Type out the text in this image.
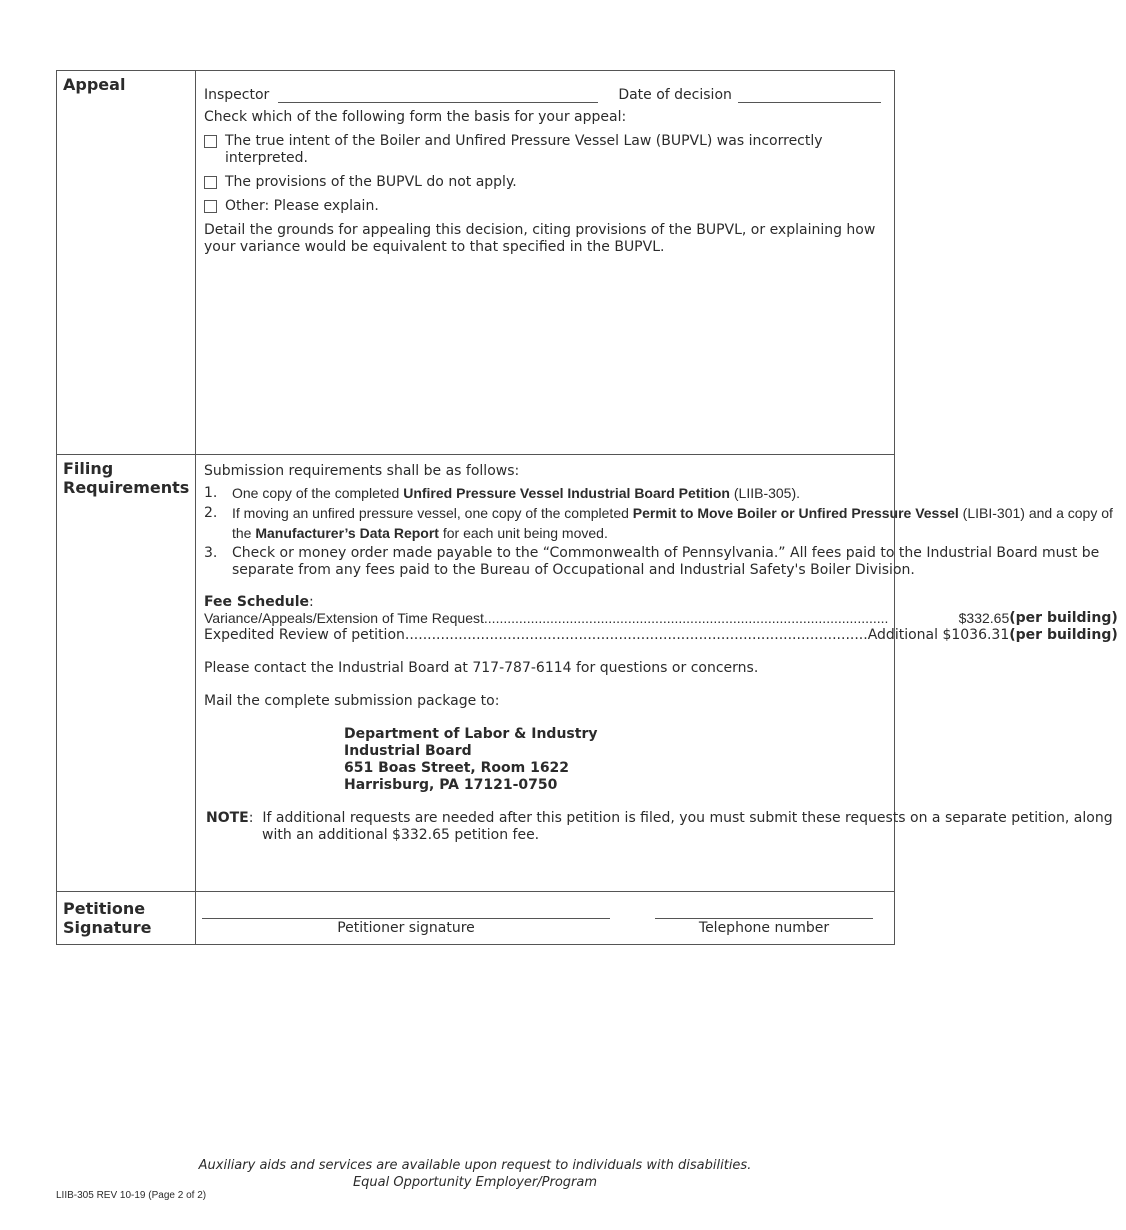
Appeal
Inspector	Date of decision
Check which of the following form the basis for your appeal:
The true intent of the Boiler and Unfired Pressure Vessel Law (BUPVL) was incorrectly interpreted.
The provisions of the BUPVL do not apply.
Other: Please explain.
Detail the grounds for appealing this decision, citing provisions of the BUPVL, or explaining how your variance would be equivalent to that specified in the BUPVL.
Filing Requirements
Submission requirements shall be as follows:
1.	One copy of the completed Unfired Pressure Vessel Industrial Board Petition (LIIB-305).
2.	If moving an unfired pressure vessel, one copy of the completed Permit to Move Boiler or Unfired Pressure Vessel (LIBI-301) and a copy of the Manufacturer’s Data Report for each unit being moved.
3.	Check or money order made payable to the “Commonwealth of Pennsylvania.” All fees paid to the Industrial Board must be separate from any fees paid to the Bureau of Occupational and Industrial Safety's Boiler Division.
Fee Schedule:
Variance/Appeals/Extension of Time Request ........................................................................................................	$332.65 (per building)
Expedited Review of petition ........................................................................................................ Additional $1036.31 (per building)
Please contact the Industrial Board at 717-787-6114 for questions or concerns.
Mail the complete submission package to:
Department of Labor & Industry
Industrial Board
651 Boas Street, Room 1622
Harrisburg, PA 17121-0750
NOTE:  If additional requests are needed after this petition is filed, you must submit these requests on a separate petition, along with an additional $332.65 petition fee.
Petitione Signature	Petitioner signature	Telephone number
Auxiliary aids and services are available upon request to individuals with disabilities.
Equal Opportunity Employer/Program
LIIB-305 REV 10-19 (Page 2 of 2)
